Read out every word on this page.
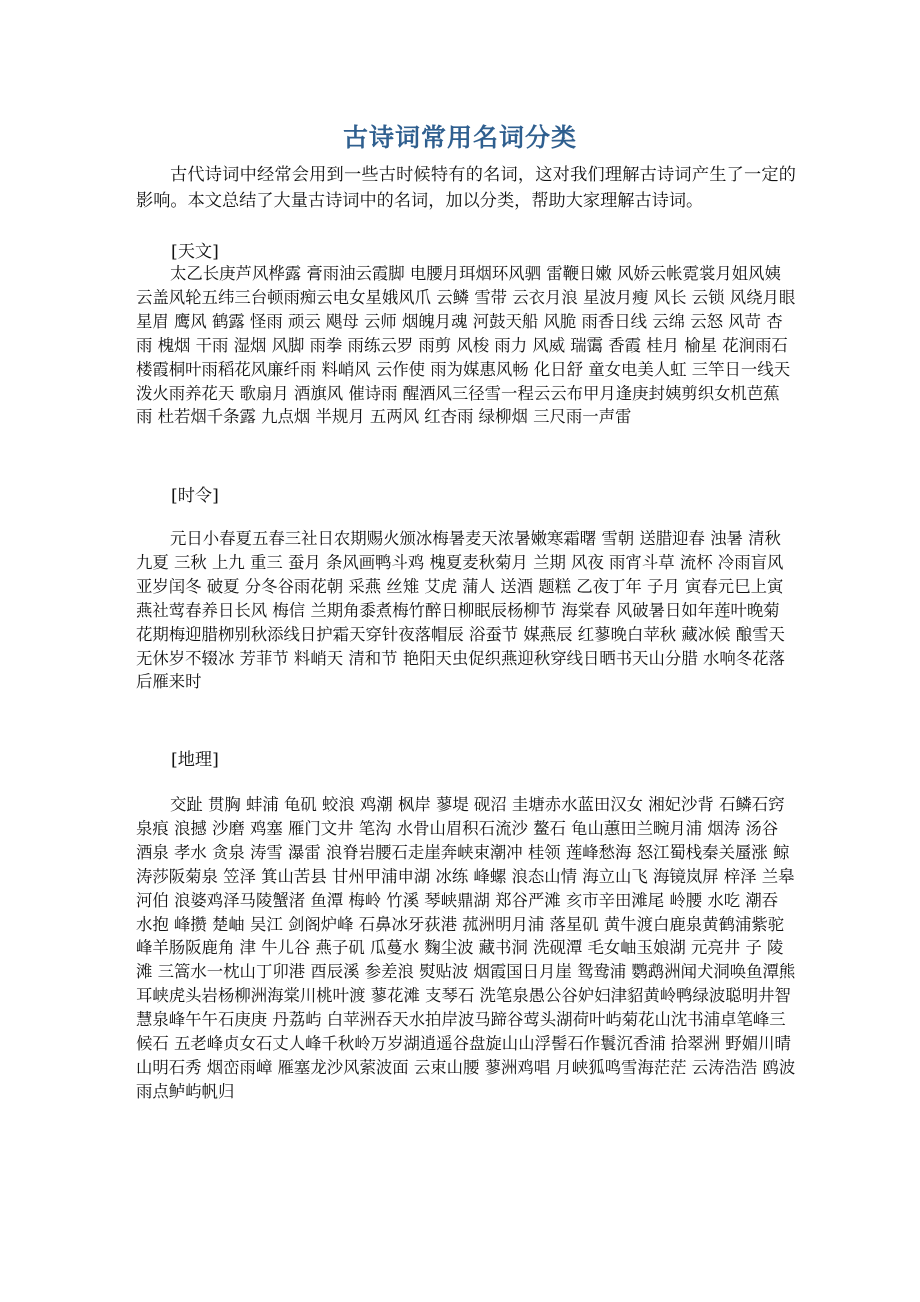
古诗词常用名词分类

古代诗词中经常会用到一些古时候特有的名词，这对我们理解古诗词产生了一定的影响。本文总结了大量古诗词中的名词，加以分类，帮助大家理解古诗词。

[天文]

太乙长庚芦风桦露 膏雨油云霞脚 电腰月珥烟环风驷 雷鞭日嫩 风娇云帐霓裳月姐风姨云盖风轮五纬三台顿雨痴云电女星娥风爪 云鳞 雪带 云衣月浪 星波月瘦 风长 云锁 风绕月眼星眉 鹰风 鹤露 怪雨 顽云 飓母 云师 烟魄月魂 河鼓天船 风脆 雨香日线 云绵 云怒 风苛 杏雨 槐烟 干雨 湿烟 风脚 雨拳 雨练云罗 雨剪 风梭 雨力 风威 瑞霭 香霞 桂月 榆星 花涧雨石楼霞桐叶雨稻花风廉纤雨 料峭风 云作使 雨为媒惠风畅 化日舒 童女电美人虹 三竿日一线天 泼火雨养花天 歌扇月 酒旗风 催诗雨 醒酒风三径雪一程云云布甲月逢庚封姨剪织女机芭蕉雨 杜若烟千条露 九点烟 半规月 五两风 红杏雨 绿柳烟 三尺雨一声雷

[时令]

元日小春夏五春三社日农期赐火颁冰梅暑麦天浓暑嫩寒霜曙 雪朝 送腊迎春 浊暑 清秋 九夏 三秋 上九 重三 蚕月 条风画鸭斗鸡 槐夏麦秋菊月 兰期 风夜 雨宵斗草 流杯 冷雨盲风 亚岁闰冬 破夏 分冬谷雨花朝 采燕 丝雉 艾虎 蒲人 送酒 题糕 乙夜丁年 子月 寅春元巳上寅燕社莺春养日长风 梅信 兰期角黍煮梅竹醉日柳眠辰杨柳节 海棠春 风破暑日如年莲叶晚菊花期梅迎腊栁别秋添线日护霜天穿针夜落帽辰 浴蚕节 媒燕辰 红蓼晚白苹秋 藏冰候 酿雪天 无休岁不辍冰 芳菲节 料峭天 清和节 艳阳天虫促织燕迎秋穿线日晒书天山分腊 水响冬花落后雁来时

[地理]

交趾 贯胸 蚌浦 龟矶 蛟浪 鸡潮 枫岸 蓼堤 砚沼 圭塘赤水蓝田汉女 湘妃沙背 石鳞石窍 泉痕 浪撼 沙磨 鸡塞 雁门文井 笔沟 水骨山眉积石流沙 鳌石 龟山蕙田兰畹月浦 烟涛 汤谷 酒泉 孝水 贪泉 涛雪 瀑雷 浪脊岩腰石走崖奔峡束潮冲 桂领 莲峰愁海 怒江蜀栈秦关蜃涨 鲸涛莎阪菊泉 笠泽 箕山苦县 甘州甲浦申湖 冰练 峰螺 浪态山情 海立山飞 海镜岚屏 梓泽 兰皋 河伯 浪婆鸡泽马陵蟹渚 鱼潭 梅岭 竹溪 琴峡鼎湖 郑谷严滩 亥市辛田滩尾 岭腰 水吃 潮吞 水抱 峰攒 楚岫 吴江 剑阁炉峰 石鼻冰牙荻港 菰洲明月浦 落星矶 黄牛渡白鹿泉黄鹤浦紫驼峰羊肠阪鹿角 津 牛儿谷 燕子矶 瓜蔓水 麴尘波 藏书洞 洗砚潭 毛女岫玉娘湖 元亮井 子 陵滩 三篙水一枕山丁卯港 酉辰溪 参差浪 熨贴波 烟霞国日月崖 鸳鸯浦 鹦鹉洲闻犬洞唤鱼潭熊耳峡虎头岩杨柳洲海棠川桃叶渡 蓼花滩 支琴石 洗笔泉愚公谷妒妇津貂黄岭鸭绿波聪明井智慧泉峰午午石庚庚 丹荔屿 白苹洲吞天水拍岸波马蹄谷莺头湖荷叶屿菊花山沈书浦卓笔峰三候石 五老峰贞女石丈人峰千秋岭万岁湖逍遥谷盘旋山山浮髻石作鬟沉香浦 拾翠洲 野媚川晴山明石秀 烟峦雨嶂 雁塞龙沙风萦波面 云束山腰 蓼洲鸡唱 月峡狐鸣雪海茫茫 云涛浩浩 鸥波雨点鲈屿帆归
